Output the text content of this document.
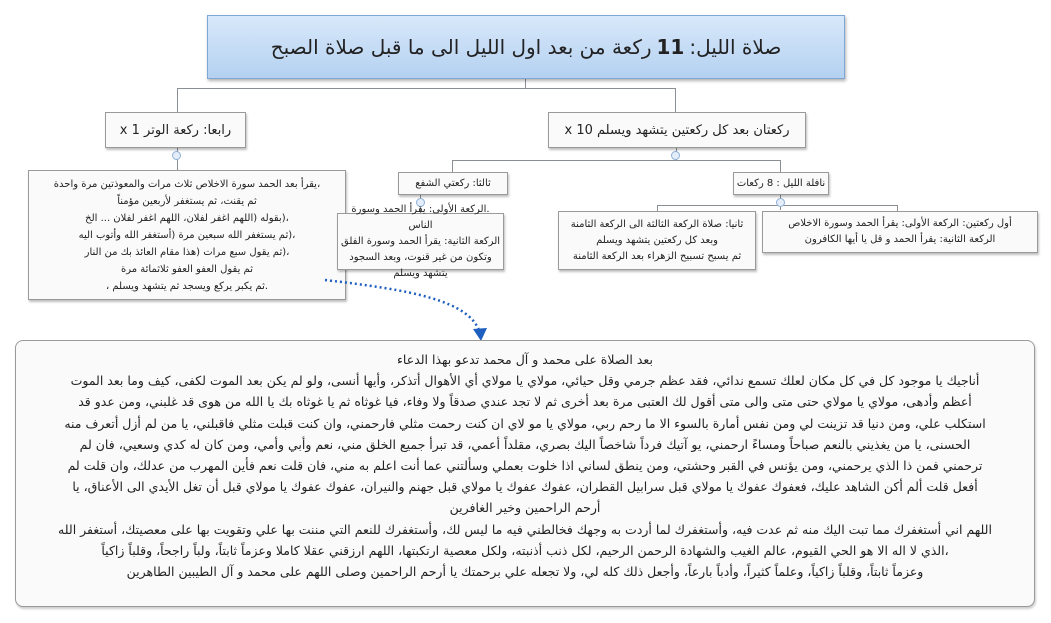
صلاة الليل:
11
ركعة من بعد اول الليل الى ما قبل صلاة الصبح
رابعا: ركعة الوتر x 1	ركعتان بعد كل ركعتين يتشهد ويسلم x 10
،يقرأ بعد الحمد سورة الاخلاص ثلاث مرات والمعوذتين مرة واحدة
ثم يقنت، ثم يستغفر لأربعين مؤمناً
،(بقوله (اللهم اغفر لفلان، اللهم اغفر لفلان ... الخ
،(ثم يستغفر الله سبعين مرة (أستغفر الله وأتوب اليه
،(ثم يقول سبع مرات (هذا مقام العائذ بك من النار
ثم يقول العفو العفو ثلاثمائة مرة
.ثم يكبر يركع ويسجد ثم يتشهد ويسلم ،
ثالثا: ركعتي الشفع	نافلة الليل : 8 ركعات
.الركعة الأولى: يقرأ الحمد وسورة الناس
الركعة الثانية: يقرأ الحمد وسورة الفلق
وتكون من غير قنوت، وبعد السجود يتشهد ويسلم
ثانيا: صلاة الركعة الثالثة الى الركعة الثامنة
وبعد كل ركعتين يتشهد ويسلم
ثم يسبح تسبيح الزهراء بعد الركعة الثامنة
أول ركعتين: الركعة الأولى: يقرأ الحمد وسورة الاخلاص
الركعة الثانية: يقرأ الحمد و قل يا أيها الكافرون
بعد الصلاة على محمد و آل محمد تدعو بهذا الدعاء
أناجيك يا موجود كل في كل مكان لعلك تسمع ندائي، فقد عظم جرمي وقل حيائي، مولاي يا مولاي أي الأهوال أتذكر، وأيها أنسى، ولو لم يكن بعد الموت لكفى، كيف وما بعد الموت
أعظم وأدهى، مولاي يا مولاي حتى متى والى متى أقول لك العتبى مرة بعد أخرى ثم لا تجد عندي صدقاً ولا وفاء، فيا غوثاه ثم يا غوثاه بك يا الله من هوى قد غلبني، ومن عدو قد
استكلب علي، ومن دنيا قد تزينت لي ومن نفس أمارة بالسوء الا ما رحم ربي، مولاي يا مو لاي ان كنت رحمت مثلي فارحمني، وان كنت قبلت مثلي فاقبلني، يا من لم أزل أتعرف منه
الحسنى، يا من يغذيني بالنعم صباحاً ومساءً ارحمني، يو آتيك فرداً شاخصاً اليك بصري، مقلداً أعمي، قد تبرأ جميع الخلق مني، نعم وأبي وأمي، ومن كان له كدي وسعيي، فان لم
ترحمني فمن ذا الذي يرحمني، ومن يؤنس في القبر وحشتي، ومن ينطق لساني اذا خلوت بعملي وسألتني عما أنت اعلم به مني، فان قلت نعم فأين المهرب من عدلك، وان قلت لم
أفعل قلت ألم أكن الشاهد عليك، فعفوك عفوك يا مولاي قبل سرابيل القطران، عفوك عفوك يا مولاي قبل جهنم والنيران، عفوك عفوك يا مولاي قبل أن تغل الأيدي الى الأعناق، يا
أرحم الراحمين وخير الغافرين
اللهم اني أستغفرك مما تبت اليك منه ثم عدت فيه، وأستغفرك لما أردت به وجهك فخالطني فيه ما ليس لك، وأستغفرك للنعم التي مننت بها علي وتقويت بها على معصيتك، أستغفر الله
،الذي لا اله الا هو الحي القيوم، عالم الغيب والشهادة الرحمن الرحيم، لكل ذنب أذنبته، ولكل معصية ارتكبتها، اللهم ارزقني عقلا كاملا وعزماً ثابتاً، ولباً راجحاً، وقلباً زاكياً
وعزماً ثابتاً، وقلباً زاكياً، وعلماً كثيراً، وأدباً بارعاً، وأجعل ذلك كله لي، ولا تجعله علي برحمتك يا أرحم الراحمين وصلى اللهم على محمد و آل الطيبين الطاهرين
